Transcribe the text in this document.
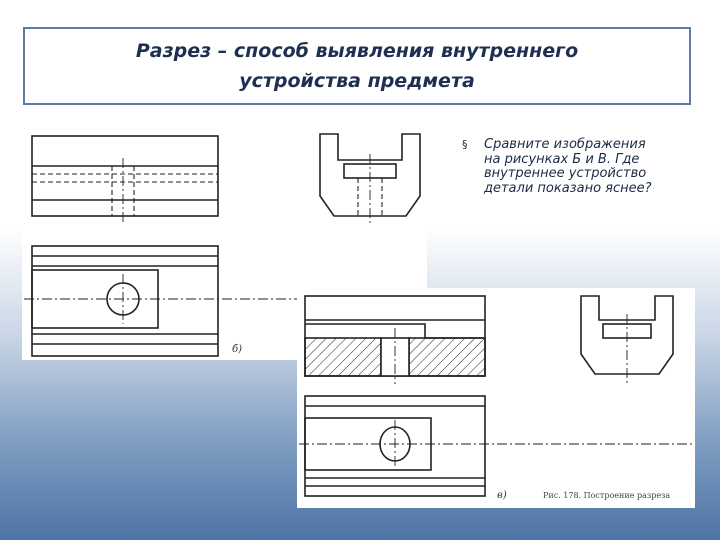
Разрез – способ выявления внутреннего
устройства предмета
б)
в)	Рис. 178. Построение разреза
§ Сравните изображения на рисунках Б и В. Где внутреннее устройство детали показано яснее?
